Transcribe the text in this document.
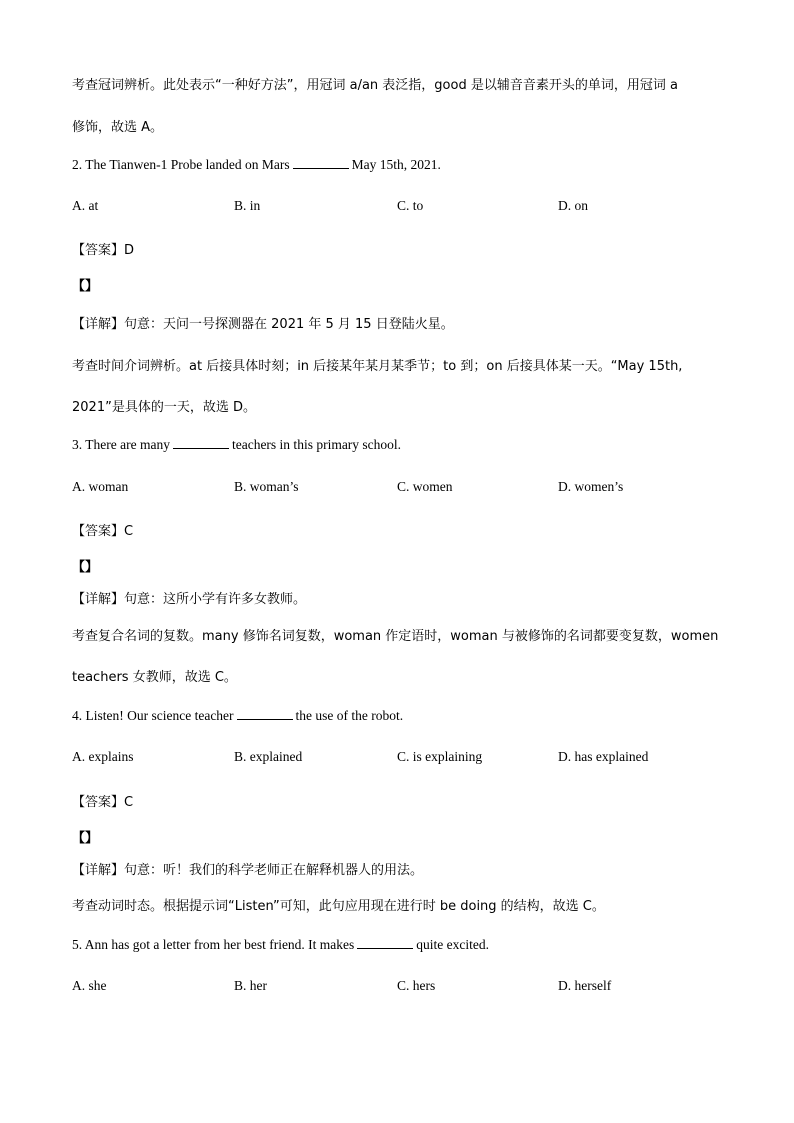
考查冠词辨析。此处表示“一种好方法”，用冠词 a/an 表泛指，good 是以辅音音素开头的单词，用冠词 a
修饰，故选 A。
2. The Tianwen-1 Probe landed on Mars	May 15th, 2021.
A. at	B. in	C. to	D. on
【答案】D
【】
【详解】句意：天问一号探测器在 2021 年 5 月 15 日登陆火星。
考查时间介词辨析。at 后接具体时刻；in 后接某年某月某季节；to 到；on 后接具体某一天。“May 15th,
2021”是具体的一天，故选 D。
3. There are many	teachers in this primary school.
A. woman	B. woman’s	C. women	D. women’s
【答案】C
【】
【详解】句意：这所小学有许多女教师。
考查复合名词的复数。many 修饰名词复数，woman 作定语时，woman 与被修饰的名词都要变复数，women
teachers 女教师，故选 C。
4. Listen! Our science teacher	the use of the robot.
A. explains	B. explained	C. is explaining	D. has explained
【答案】C
【】
【详解】句意：听！我们的科学老师正在解释机器人的用法。
考查动词时态。根据提示词“Listen”可知，此句应用现在进行时 be doing 的结构，故选 C。
5. Ann has got a letter from her best friend. It makes	quite excited.
A. she	B. her	C. hers	D. herself
